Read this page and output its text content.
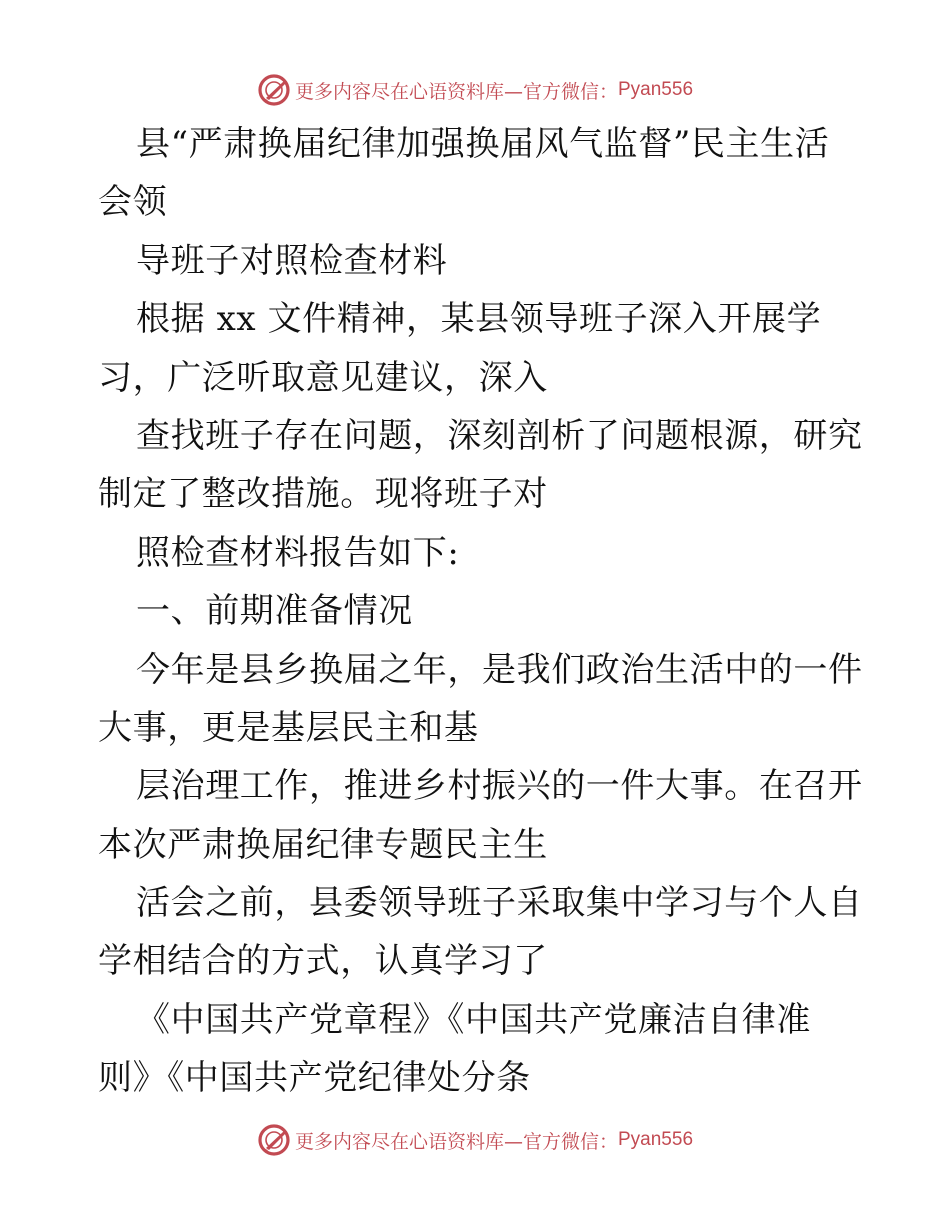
更多内容尽在心语资料库—官方微信： Pyan556
县“严肃换届纪律加强换届风气监督”民主生活
会领
导班子对照检查材料
根据 xx 文件精神，某县领导班子深入开展学
习，广泛听取意见建议，深入
查找班子存在问题，深刻剖析了问题根源，研究
制定了整改措施。现将班子对
照检查材料报告如下:
一、前期准备情况
今年是县乡换届之年，是我们政治生活中的一件
大事，更是基层民主和基
层治理工作，推进乡村振兴的一件大事。在召开
本次严肃换届纪律专题民主生
活会之前，县委领导班子采取集中学习与个人自
学相结合的方式，认真学习了
《中国共产党章程》《中国共产党廉洁自律准
则》《中国共产党纪律处分条
更多内容尽在心语资料库—官方微信： Pyan556
